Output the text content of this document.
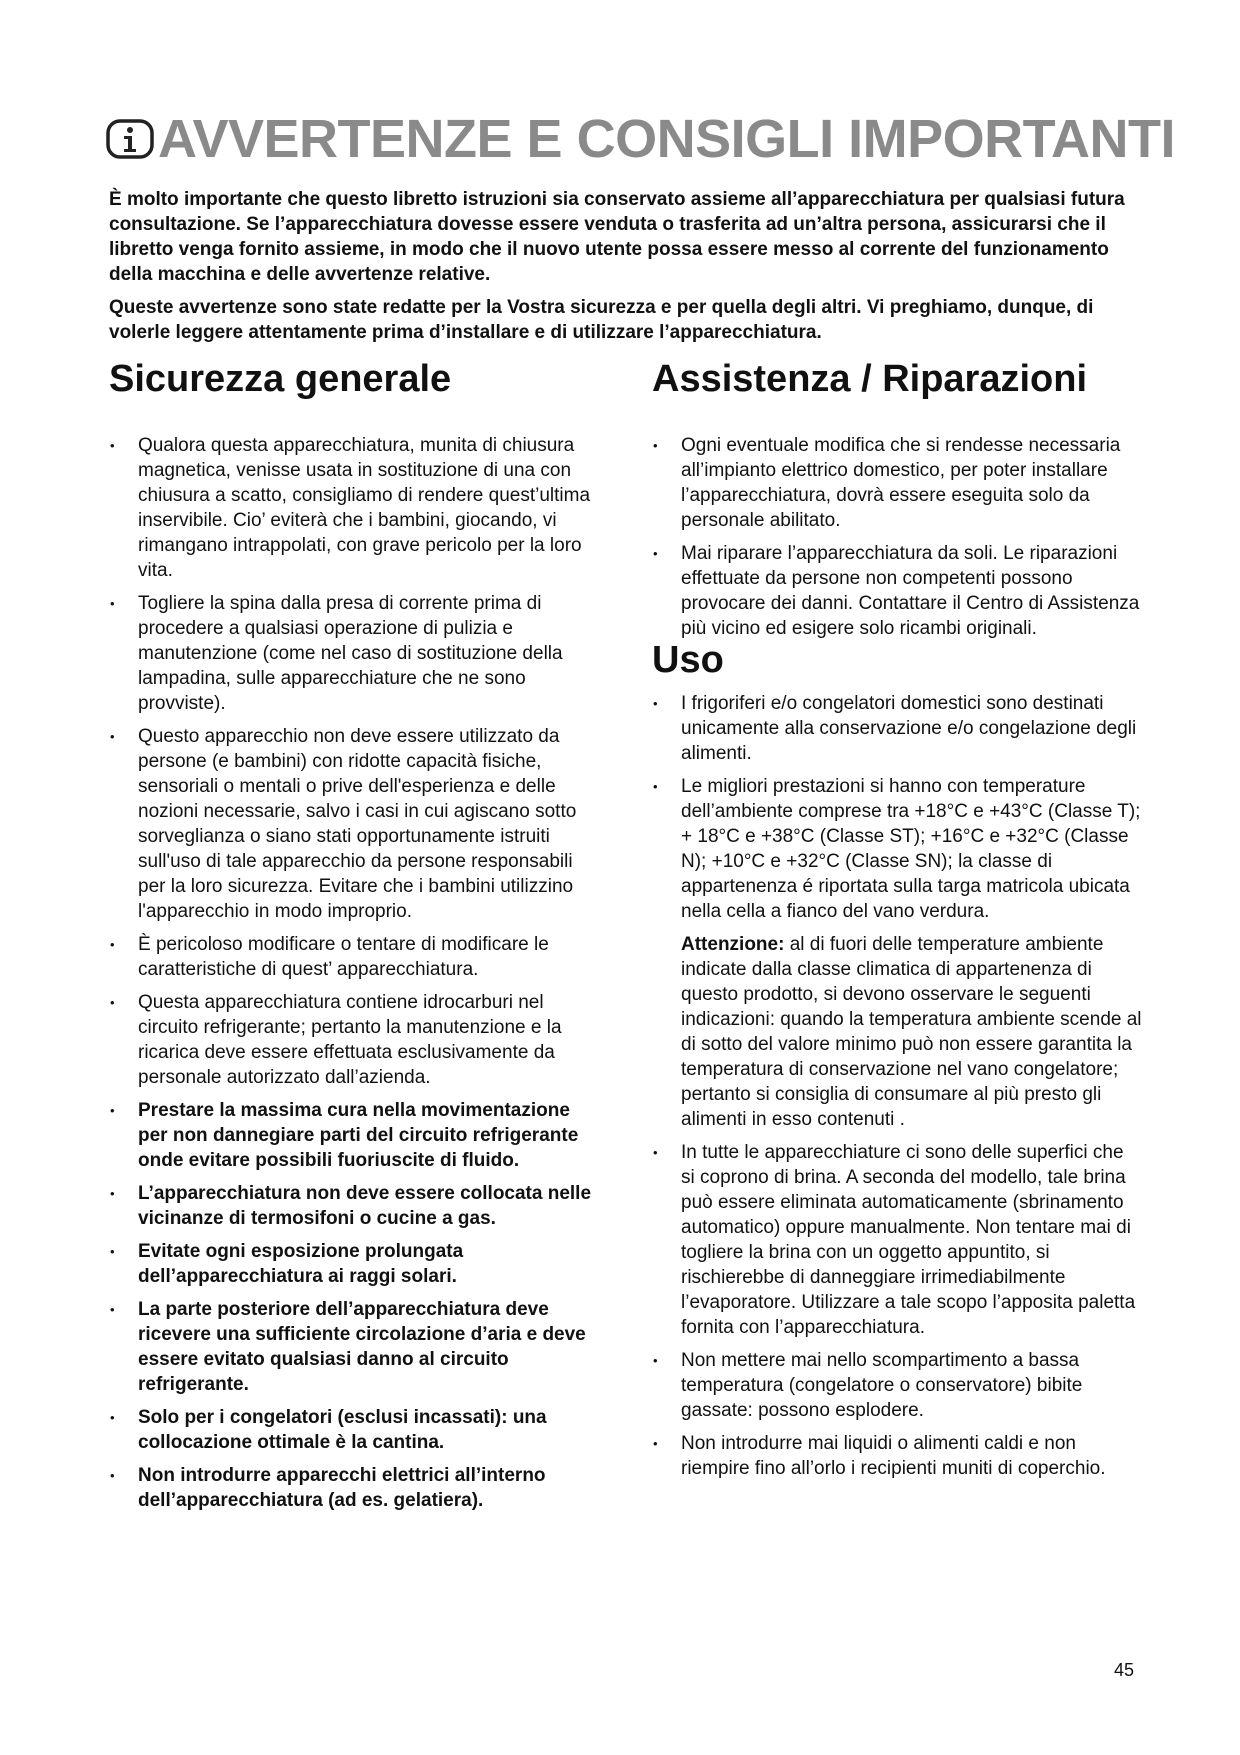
AVVERTENZE E CONSIGLI IMPORTANTI

È molto importante che questo libretto istruzioni sia conservato assieme all’apparecchiatura per qualsiasi futura consultazione. Se l’apparecchiatura dovesse essere venduta o trasferita ad un’altra persona, assicurarsi che il libretto venga fornito assieme, in modo che il nuovo utente possa essere messo al corrente del funzionamento della macchina e delle avvertenze relative.

Queste avvertenze sono state redatte per la Vostra sicurezza e per quella degli altri. Vi preghiamo, dunque, di volerle leggere attentamente prima d’installare e di utilizzare l’apparecchiatura.

Sicurezza generale
• Qualora questa apparecchiatura, munita di chiusura magnetica, venisse usata in sostituzione di una con chiusura a scatto, consigliamo di rendere quest’ultima inservibile. Cio’ eviterà che i bambini, giocando, vi rimangano intrappolati, con grave pericolo per la loro vita.
• Togliere la spina dalla presa di corrente prima di procedere a qualsiasi operazione di pulizia e manutenzione (come nel caso di sostituzione della lampadina, sulle apparecchiature che ne sono provviste).
• Questo apparecchio non deve essere utilizzato da persone (e bambini) con ridotte capacità fisiche, sensoriali o mentali o prive dell'esperienza e delle nozioni necessarie, salvo i casi in cui agiscano sotto sorveglianza o siano stati opportunamente istruiti sull'uso di tale apparecchio da persone responsabili per la loro sicurezza. Evitare che i bambini utilizzino l'apparecchio in modo improprio.
• È pericoloso modificare o tentare di modificare le caratteristiche di quest’ apparecchiatura.
• Questa apparecchiatura contiene idrocarburi nel circuito refrigerante; pertanto la manutenzione e la ricarica deve essere effettuata esclusivamente da personale autorizzato dall’azienda.
• Prestare la massima cura nella movimentazione per non dannegiare parti del circuito refrigerante onde evitare possibili fuoriuscite di fluido.
• L’apparecchiatura non deve essere collocata nelle vicinanze di termosifoni o cucine a gas.
• Evitate ogni esposizione prolungata dell’apparecchiatura ai raggi solari.
• La parte posteriore dell’apparecchiatura deve ricevere una sufficiente circolazione d’aria e deve essere evitato qualsiasi danno al circuito refrigerante.
• Solo per i congelatori (esclusi incassati): una collocazione ottimale è la cantina.
• Non introdurre apparecchi elettrici all’interno dell’apparecchiatura (ad es. gelatiera).
Assistenza / Riparazioni
• Ogni eventuale modifica che si rendesse necessaria all’impianto elettrico domestico, per poter installare l’apparecchiatura, dovrà essere eseguita solo da personale abilitato.
• Mai riparare l’apparecchiatura da soli. Le riparazioni effettuate da persone non competenti possono provocare dei danni. Contattare il Centro di Assistenza più vicino ed esigere solo ricambi originali.
Uso
• I frigoriferi e/o congelatori domestici sono destinati unicamente alla conservazione e/o congelazione degli alimenti.
• Le migliori prestazioni si hanno con temperature dell’ambiente comprese tra +18°C e +43°C (Classe T); + 18°C e +38°C (Classe ST); +16°C e +32°C (Classe N); +10°C e +32°C (Classe SN); la classe di appartenenza é riportata sulla targa matricola ubicata nella cella a fianco del vano verdura.

Attenzione: al di fuori delle temperature ambiente indicate dalla classe climatica di appartenenza di questo prodotto, si devono osservare le seguenti indicazioni: quando la temperatura ambiente scende al di sotto del valore minimo può non essere garantita la temperatura di conservazione nel vano congelatore; pertanto si consiglia di consumare al più presto gli alimenti in esso contenuti .

• In tutte le apparecchiature ci sono delle superfici che si coprono di brina. A seconda del modello, tale brina può essere eliminata automaticamente (sbrinamento automatico) oppure manualmente. Non tentare mai di togliere la brina con un oggetto appuntito, si rischierebbe di danneggiare irrimediabilmente l’evaporatore. Utilizzare a tale scopo l’apposita paletta fornita con l’apparecchiatura.
• Non mettere mai nello scompartimento a bassa temperatura (congelatore o conservatore) bibite gassate: possono esplodere.
• Non introdurre mai liquidi o alimenti caldi e non riempire fino all’orlo i recipienti muniti di coperchio.
45
